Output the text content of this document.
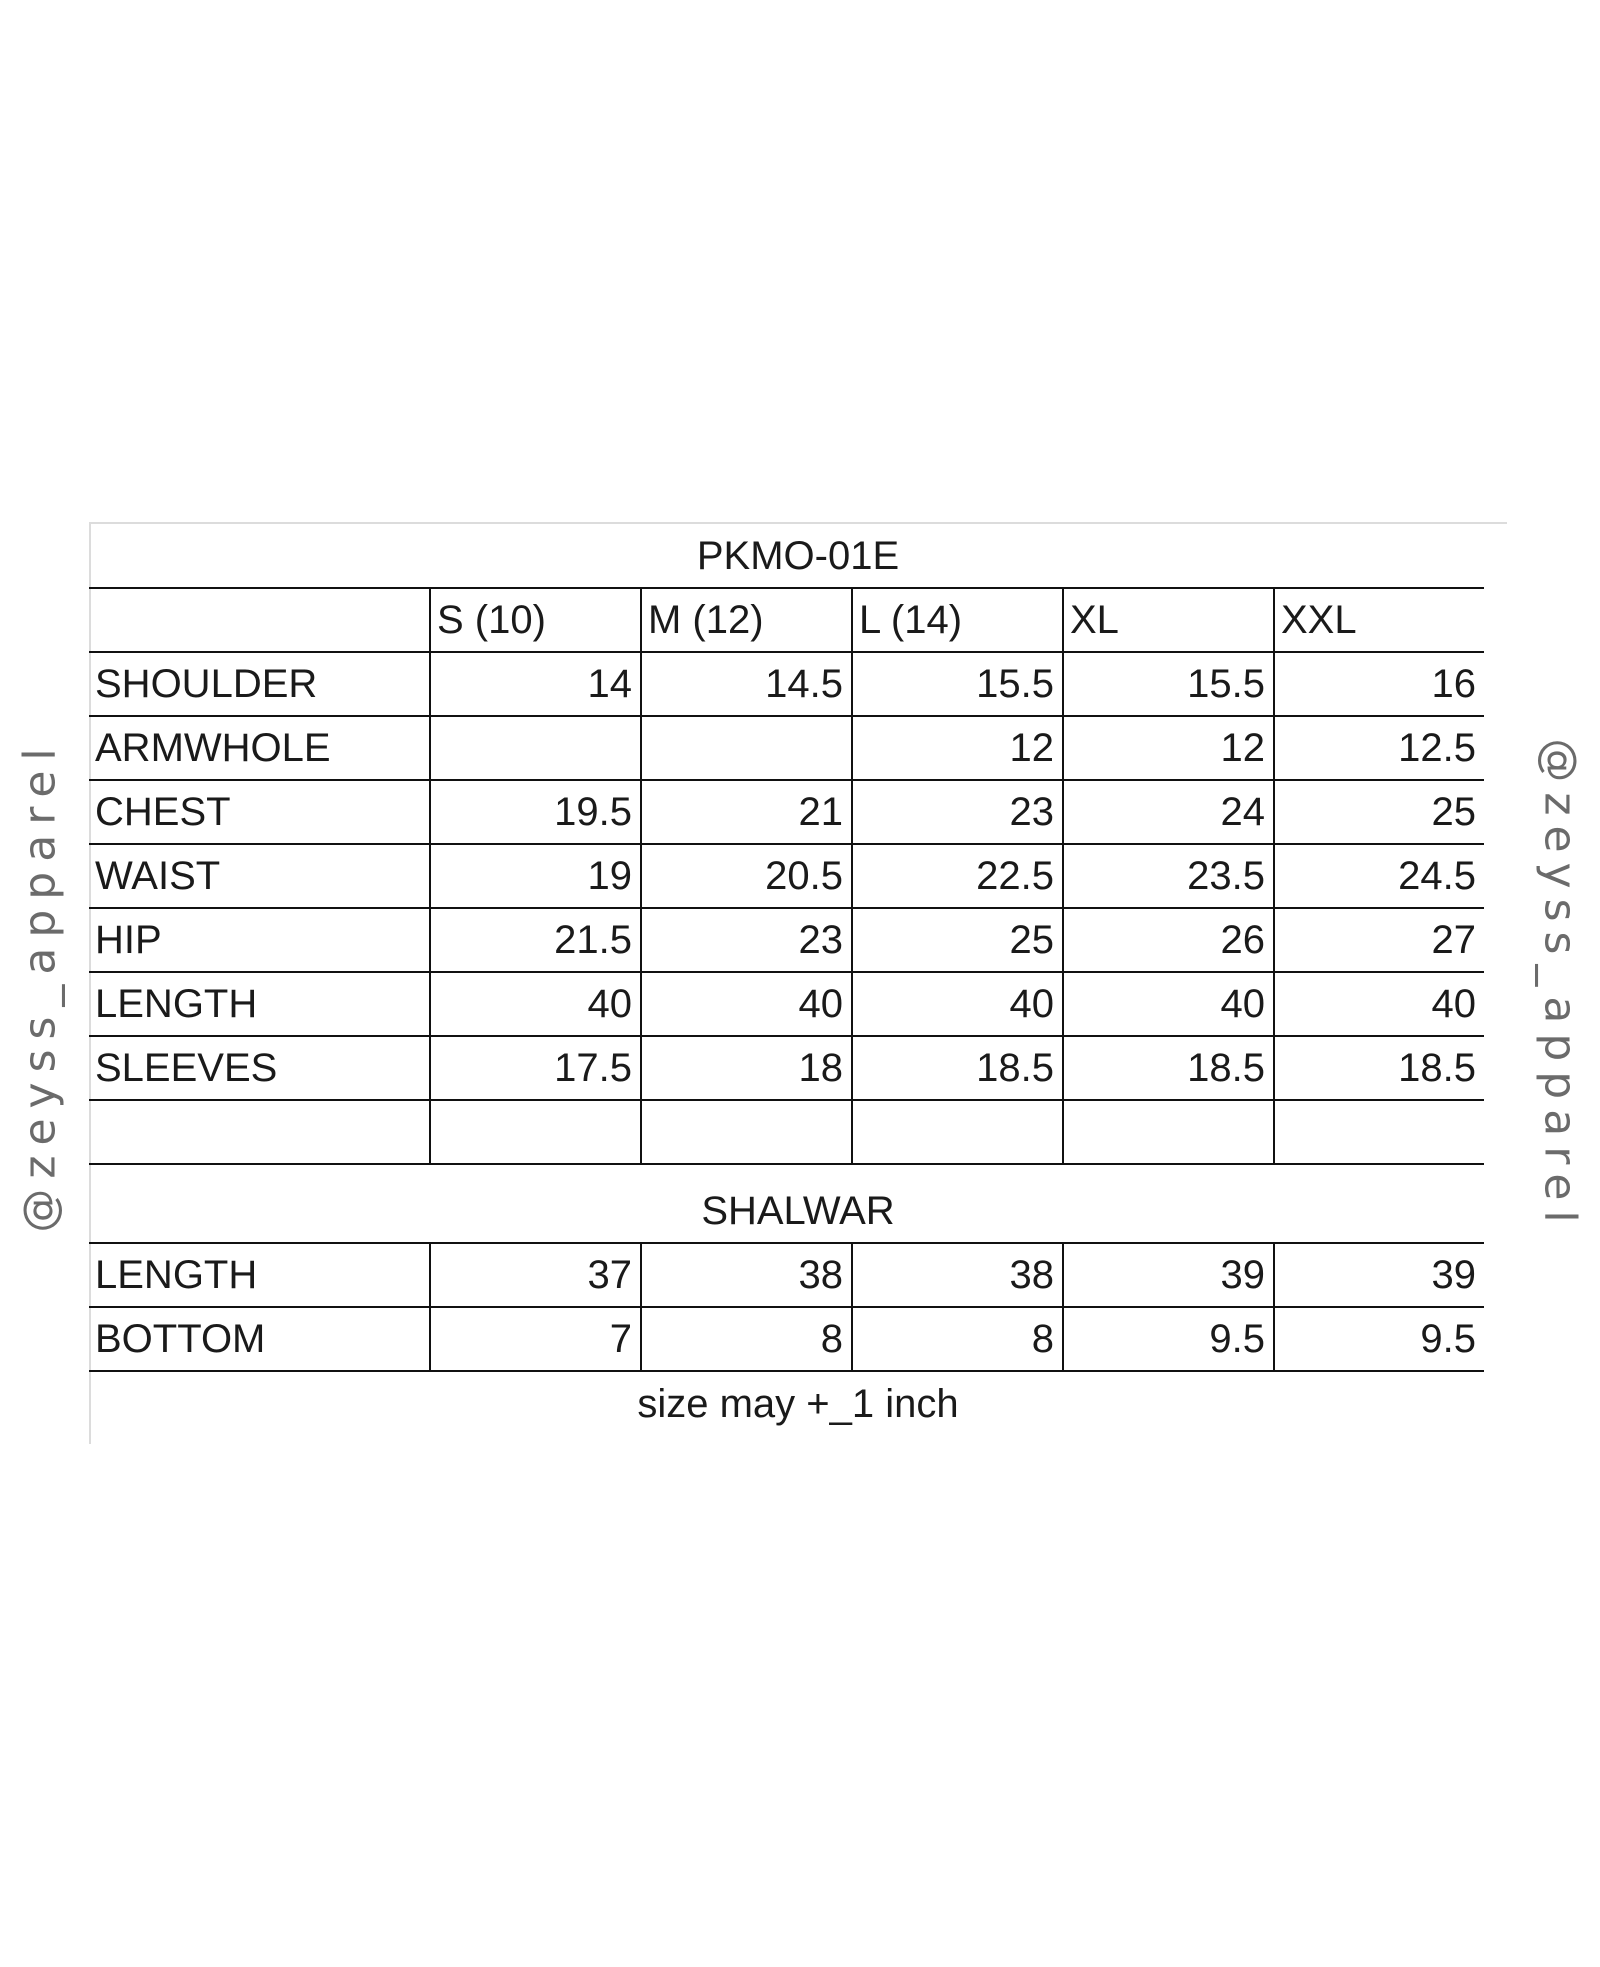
@zeyss_apparel	@zeyss_apparel
PKMO-01E
	S (10)	M (12)	L (14)	XL	XXL
SHOULDER	14	14.5	15.5	15.5	16
ARMWHOLE			12	12	12.5
CHEST	19.5	21	23	24	25
WAIST	19	20.5	22.5	23.5	24.5
HIP	21.5	23	25	26	27
LENGTH	40	40	40	40	40
SLEEVES	17.5	18	18.5	18.5	18.5

SHALWAR
LENGTH	37	38	38	39	39
BOTTOM	7	8	8	9.5	9.5
size may +_1 inch
